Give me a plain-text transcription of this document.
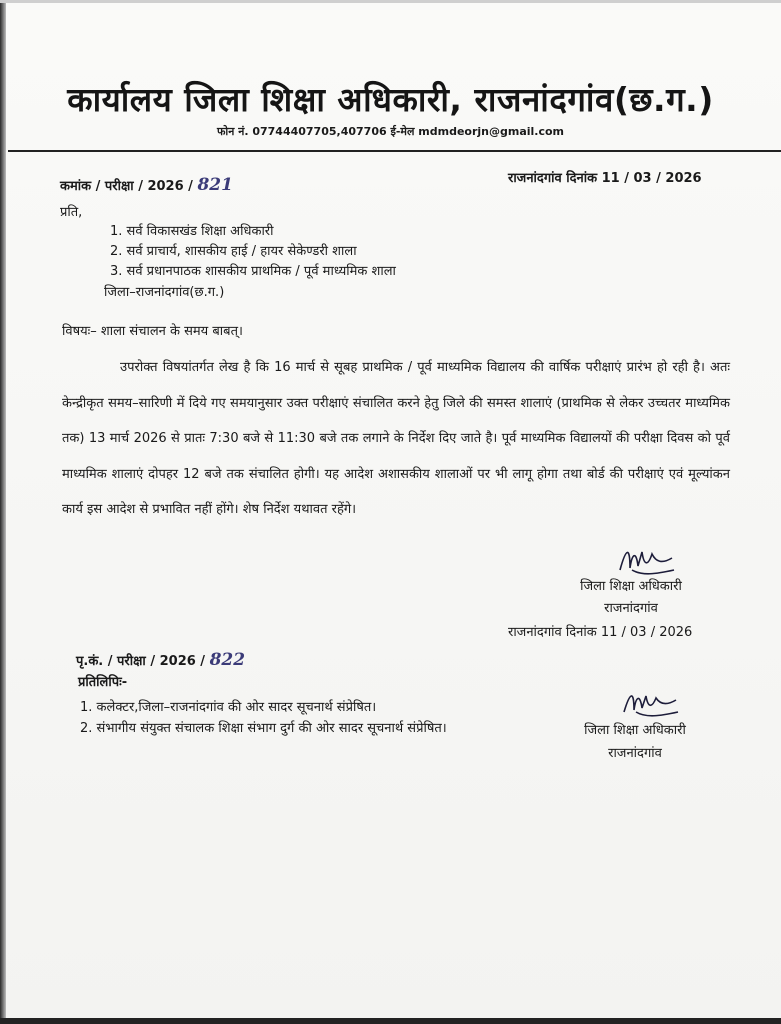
कार्यालय जिला शिक्षा अधिकारी, राजनांदगांव(छ.ग.)
फोन नं. 07744407705,407706 ई-मेल mdmdeorjn@gmail.com
कमांक / परीक्षा / 2026 / 821	राजनांदगांव दिनांक 11 / 03 / 2026
प्रति,
1. सर्व विकासखंड शिक्षा अधिकारी
2. सर्व प्राचार्य, शासकीय हाई / हायर सेकेण्डरी शाला
3. सर्व प्रधानपाठक शासकीय प्राथमिक / पूर्व माध्यमिक शाला
जिला–राजनांदगांव(छ.ग.)
विषयः– शाला संचालन के समय बाबत्।
उपरोक्त विषयांतर्गत लेख है कि 16 मार्च से सूबह प्राथमिक / पूर्व माध्यमिक विद्यालय की वार्षिक परीक्षाएं प्रारंभ हो रही है। अतः केन्द्रीकृत समय–सारिणी में दिये गए समयानुसार उक्त परीक्षाएं संचालित करने हेतु जिले की समस्त शालाएं (प्राथमिक से लेकर उच्चतर माध्यमिक तक) 13 मार्च 2026 से प्रातः 7:30 बजे से 11:30 बजे तक लगाने के निर्देश दिए जाते है। पूर्व माध्यमिक विद्यालयों की परीक्षा दिवस को पूर्व माध्यमिक शालाएं दोपहर 12 बजे तक संचालित होगी। यह आदेश अशासकीय शालाओं पर भी लागू होगा तथा बोर्ड की परीक्षाएं एवं मूल्यांकन कार्य इस आदेश से प्रभावित नहीं होंगे। शेष निर्देश यथावत रहेंगे।
जिला शिक्षा अधिकारी
राजनांदगांव
राजनांदगांव दिनांक 11 / 03 / 2026
पृ.कं. / परीक्षा / 2026 / 822
प्रतिलिपिः-
1. कलेक्टर,जिला–राजनांदगांव की ओर सादर सूचनार्थ संप्रेषित।
2. संभागीय संयुक्त संचालक शिक्षा संभाग दुर्ग की ओर सादर सूचनार्थ संप्रेषित।	जिला शिक्षा अधिकारी
राजनांदगांव
